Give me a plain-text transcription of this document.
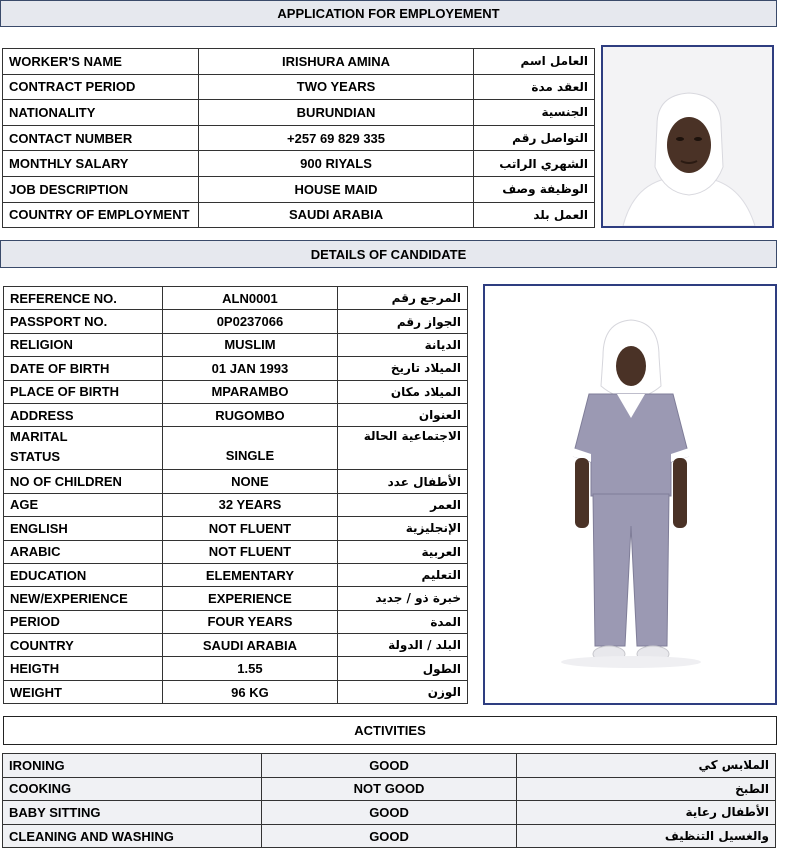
APPLICATION FOR EMPLOYEMENT
WORKER'S NAME	IRISHURA AMINA	العامل اسم
CONTRACT PERIOD	TWO YEARS	العقد مدة
NATIONALITY	BURUNDIAN	الجنسية
CONTACT NUMBER	+257 69 829 335	التواصل رقم
MONTHLY SALARY	900 RIYALS	الشهري الراتب
JOB DESCRIPTION	HOUSE MAID	الوظيفة وصف
COUNTRY OF EMPLOYMENT	SAUDI ARABIA	العمل بلد
DETAILS OF CANDIDATE
REFERENCE NO.	ALN0001	المرجع رقم
PASSPORT NO.	0P0237066	الجواز رقم
RELIGION	MUSLIM	الديانة
DATE OF BIRTH	01 JAN 1993	الميلاد تاريخ
PLACE OF BIRTH	MPARAMBO	الميلاد مكان
ADDRESS	RUGOMBO	العنوان

MARITAL
STATUS	SINGLE	الاجتماعية الحالة
NO OF CHILDREN	NONE	الأطفال عدد
AGE	32 YEARS	العمر
ENGLISH	NOT FLUENT	الإنجليزية
ARABIC	NOT FLUENT	العربية
EDUCATION	ELEMENTARY	التعليم
NEW/EXPERIENCE	EXPERIENCE	خبرة ذو / جديد
PERIOD	FOUR YEARS	المدة
COUNTRY	SAUDI ARABIA	البلد / الدولة
HEIGTH	1.55	الطول
WEIGHT	96 KG	الوزن
ACTIVITIES
IRONING	GOOD	الملابس كي
COOKING	NOT GOOD	الطبخ
BABY SITTING	GOOD	الأطفال رعاية
CLEANING AND WASHING	GOOD	والغسيل التنظيف
